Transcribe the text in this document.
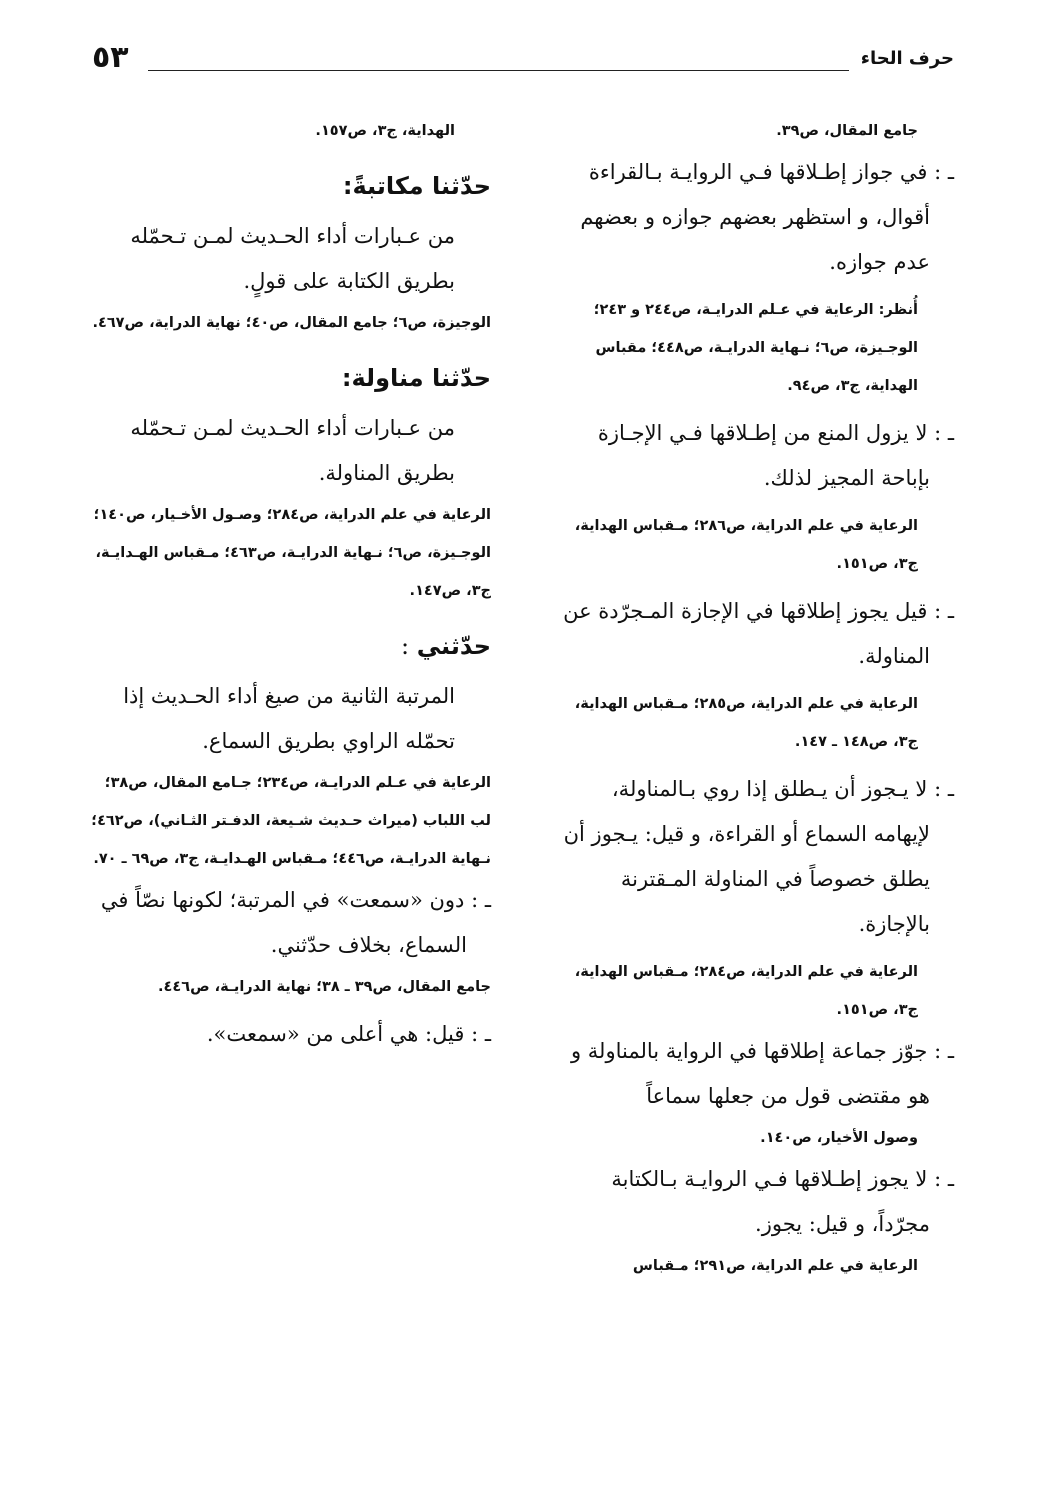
٥٣	حرف الحاء

جامع المقال، ص٣٩.

ـ : في جواز إطـلاقها فـي الروايـة بـالقراءة أقوال، و استظهر بعضهم جوازه و بعضهم عدم جوازه.

أُنظر: الرعاية في عـلم الدرايـة، ص٢٤٤ و ٢٤٣؛ الوجـيزة، ص٦؛ نـهاية الدرايـة، ص٤٤٨؛ مقباس الهداية، ج٣، ص٩٤.

ـ : لا يزول المنع من إطـلاقها فـي الإجـازة بإباحة المجيز لذلك.

الرعاية في علم الدراية، ص٢٨٦؛ مـقباس الهداية، ج٣، ص١٥١.

ـ : قيل يجوز إطلاقها في الإجازة المـجرّدة عن المناولة.

الرعاية في علم الدراية، ص٢٨٥؛ مـقباس الهداية، ج٣، ص١٤٨ ـ ١٤٧.

ـ : لا يـجوز أن يـطلق إذا روي بـالمناولة، لإيهامه السماع أو القراءة، و قيل: يـجوز أن يطلق خصوصاً في المناولة المـقترنة بالإجازة.

الرعاية في علم الدراية، ص٢٨٤؛ مـقباس الهداية، ج٣، ص١٥١.

ـ : جوّز جماعة إطلاقها في الرواية بالمناولة و هو مقتضى قول من جعلها سماعاً

وصول الأخيار، ص١٤٠.

ـ : لا يجوز إطـلاقها فـي الروايـة بـالكتابة مجرّداً، و قيل: يجوز.

الرعاية في علم الدراية، ص٢٩١؛ مـقباس

الهداية، ج٣، ص١٥٧.

حدّثنا مكاتبةً:

من عـبارات أداء الحـديث لمـن تـحمّله بطريق الكتابة على قولٍ.

الوجيزة، ص٦؛ جامع المقال، ص٤٠؛ نهاية الدراية، ص٤٦٧.

حدّثنا مناولة:

من عـبارات أداء الحـديث لمـن تـحمّله بطريق المناولة.

الرعاية في علم الدراية، ص٢٨٤؛ وصـول الأخـيار، ص١٤٠؛ الوجـيزة، ص٦؛ نـهاية الدرايـة، ص٤٦٣؛ مـقباس الهـدايـة، ج٣، ص١٤٧.

حدّثني :

المرتبة الثانية من صيغ أداء الحـديث إذا تحمّله الراوي بطريق السماع.

الرعاية في عـلم الدرايـة، ص٢٣٤؛ جـامع المقال، ص٣٨؛ لب اللباب (ميراث حـديث شـيعة، الدفـتر الثـاني)، ص٤٦٢؛ نـهاية الدرايـة، ص٤٤٦؛ مـقباس الهـدايـة، ج٣، ص٦٩ ـ ٧٠.

ـ : دون «سمعت» في المرتبة؛ لكونها نصّاً في السماع، بخلاف حدّثني.

جامع المقال، ص٣٩ ـ ٣٨؛ نهاية الدرايـة، ص٤٤٦.

ـ : قيل: هي أعلى من «سمعت».
